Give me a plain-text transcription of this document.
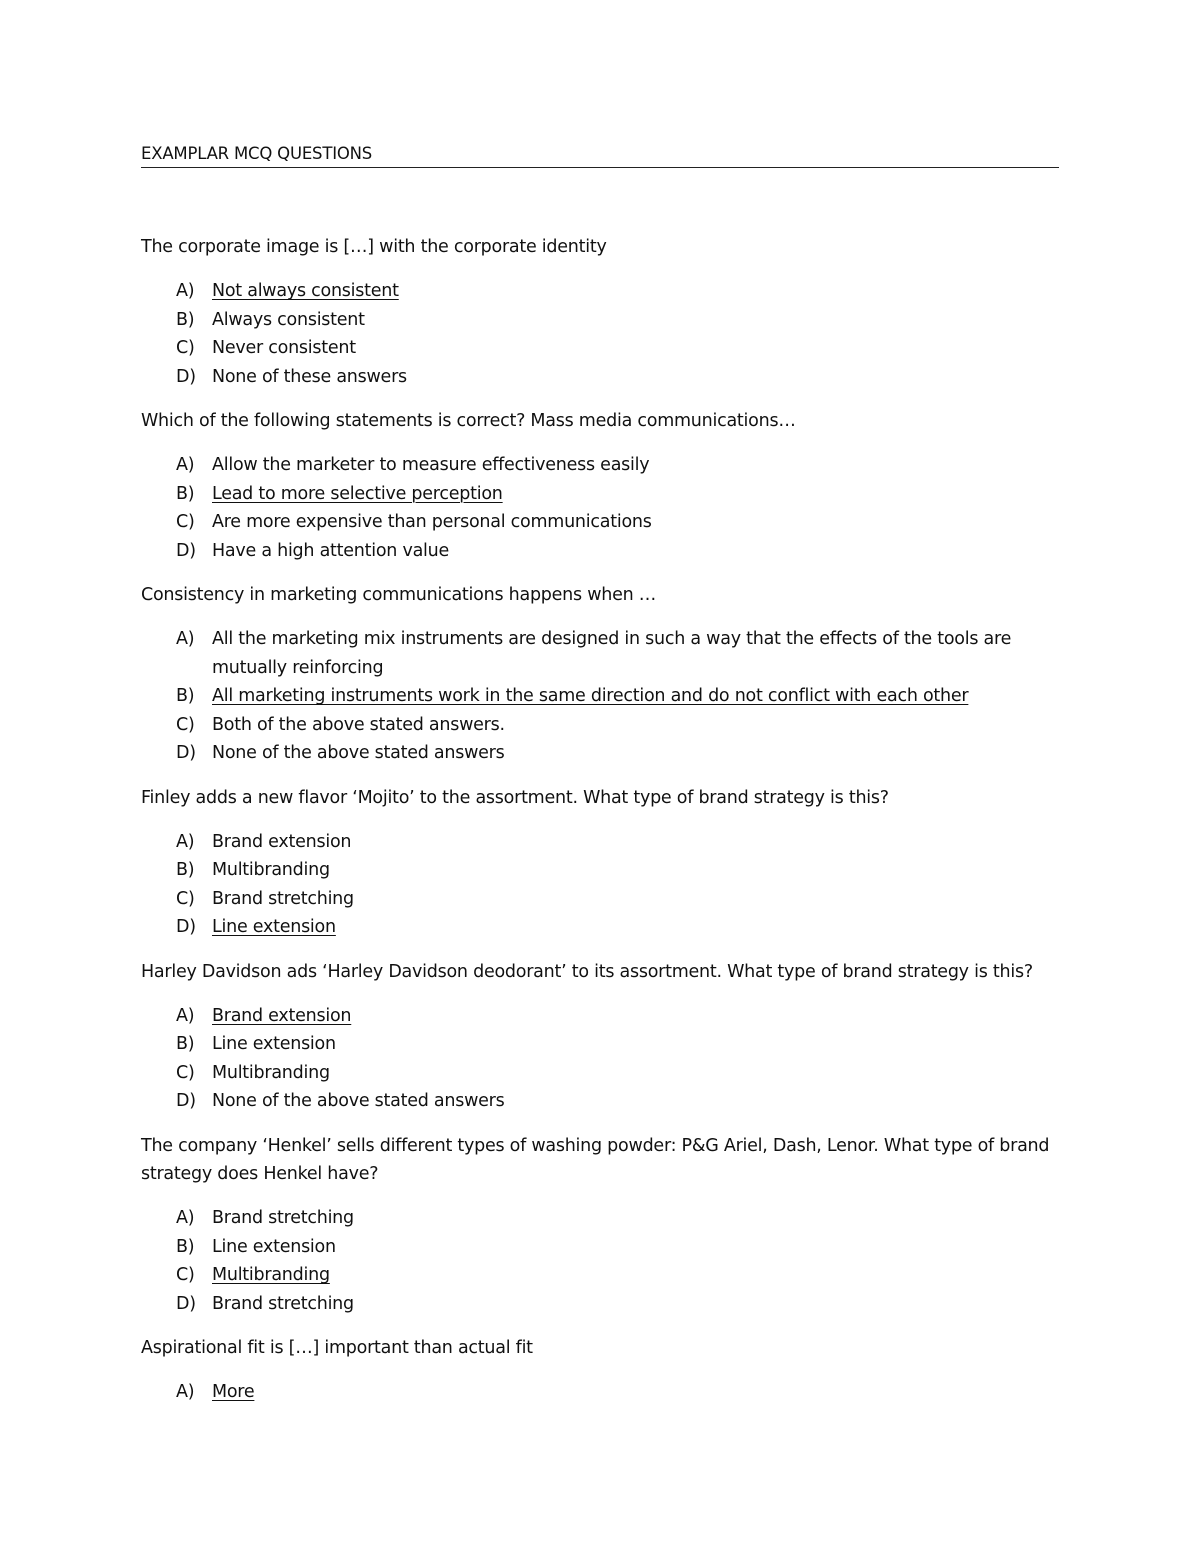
EXAMPLAR MCQ QUESTIONS

The corporate image is […] with the corporate identity

A) Not always consistent
B) Always consistent
C) Never consistent
D) None of these answers

Which of the following statements is correct? Mass media communications…

A) Allow the marketer to measure effectiveness easily
B) Lead to more selective perception
C) Are more expensive than personal communications
D) Have a high attention value

Consistency in marketing communications happens when …

A) All the marketing mix instruments are designed in such a way that the effects of the tools are mutually reinforcing
B) All marketing instruments work in the same direction and do not conflict with each other
C) Both of the above stated answers.
D) None of the above stated answers

Finley adds a new flavor ‘Mojito’ to the assortment. What type of brand strategy is this?

A) Brand extension
B) Multibranding
C) Brand stretching
D) Line extension

Harley Davidson ads ‘Harley Davidson deodorant’ to its assortment. What type of brand strategy is this?

A) Brand extension
B) Line extension
C) Multibranding
D) None of the above stated answers

The company ‘Henkel’ sells different types of washing powder: P&G Ariel, Dash, Lenor. What type of brand strategy does Henkel have?

A) Brand stretching
B) Line extension
C) Multibranding
D) Brand stretching

Aspirational fit is […] important than actual fit

A) More
